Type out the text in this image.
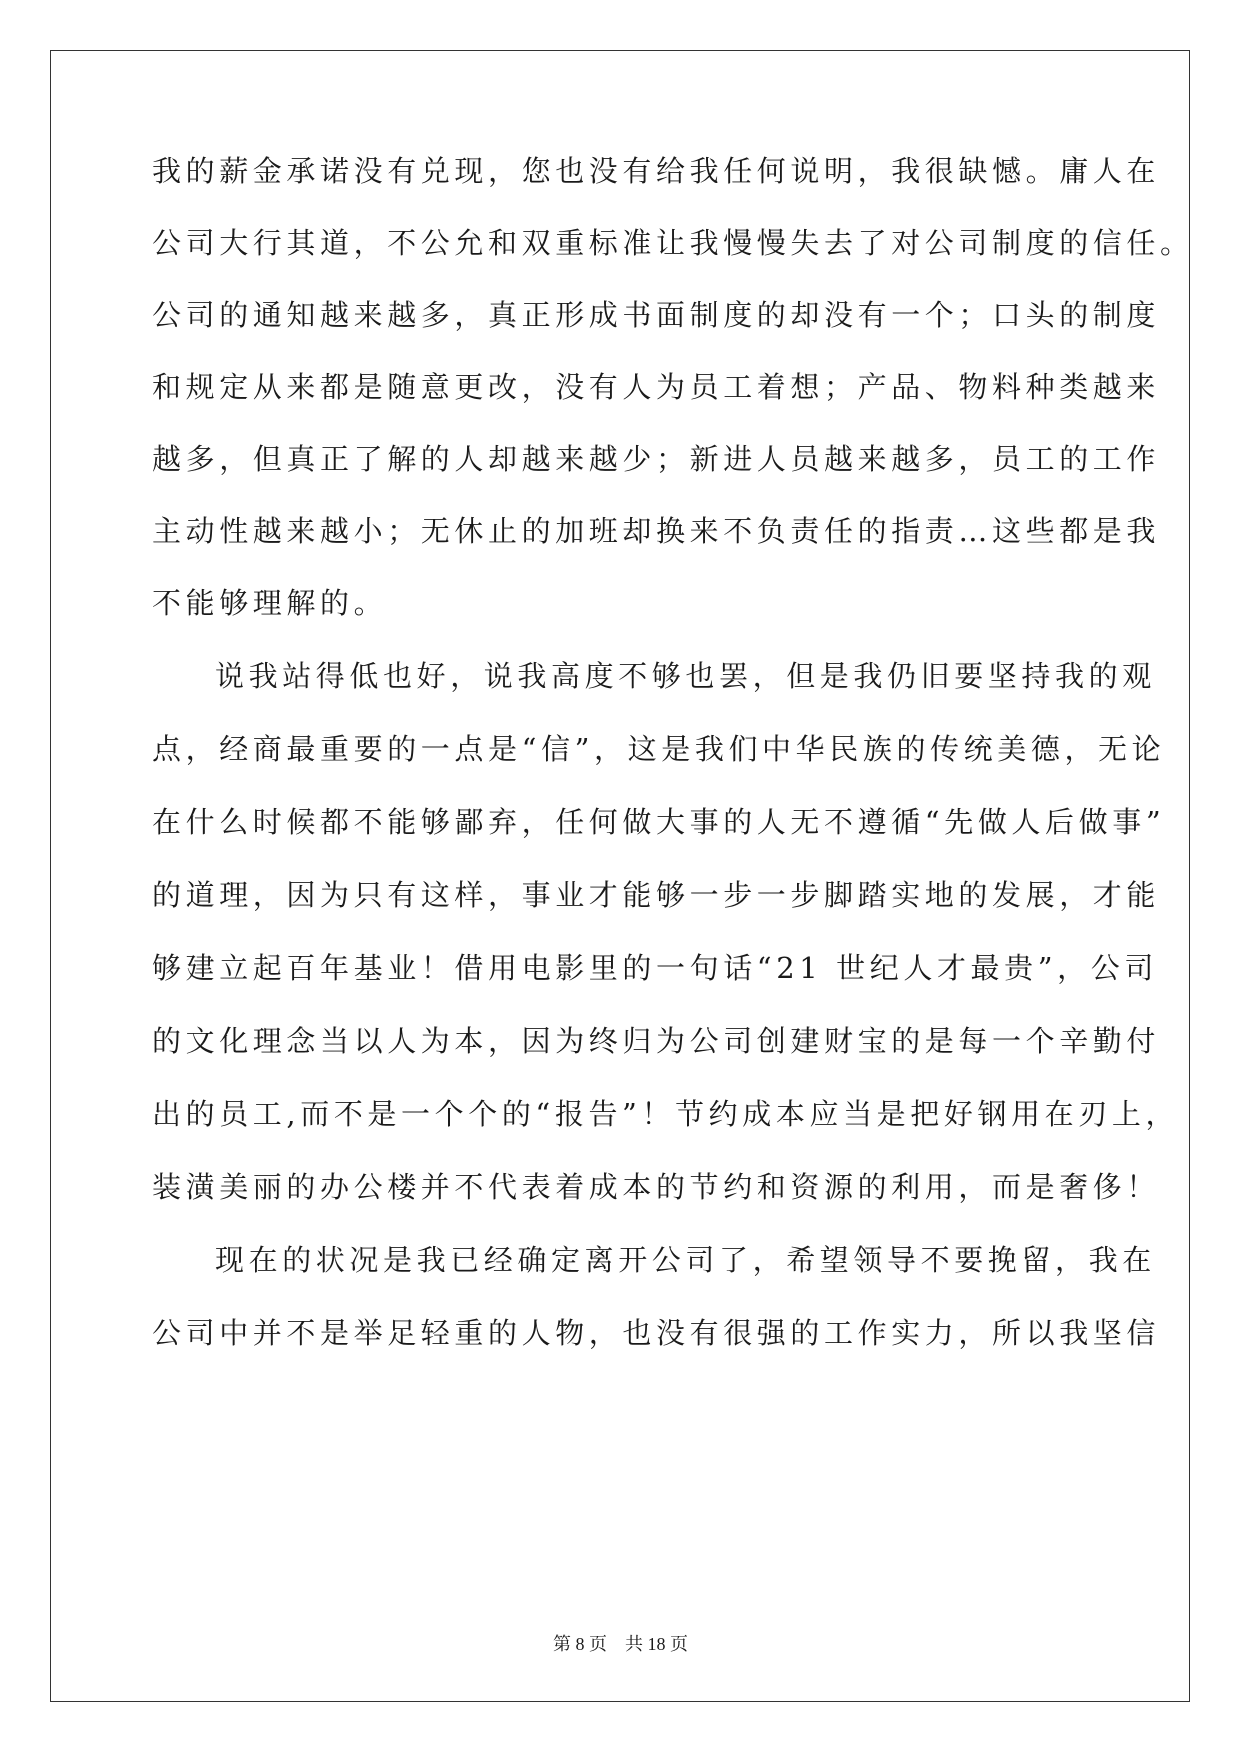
我的薪金承诺没有兑现，您也没有给我任何说明，我很缺憾。庸人在
公司大行其道，不公允和双重标准让我慢慢失去了对公司制度的信任。
公司的通知越来越多，真正形成书面制度的却没有一个；口头的制度
和规定从来都是随意更改，没有人为员工着想；产品、物料种类越来
越多，但真正了解的人却越来越少；新进人员越来越多，员工的工作
主动性越来越小；无休止的加班却换来不负责任的指责…这些都是我
不能够理解的。
说我站得低也好，说我高度不够也罢，但是我仍旧要坚持我的观
点，经商最重要的一点是“信”，这是我们中华民族的传统美德，无论
在什么时候都不能够鄙弃，任何做大事的人无不遵循“先做人后做事”
的道理，因为只有这样，事业才能够一步一步脚踏实地的发展，才能
够建立起百年基业！借用电影里的一句话“21 世纪人才最贵”，公司
的文化理念当以人为本，因为终归为公司创建财宝的是每一个辛勤付
出的员工,而不是一个个的“报告”！节约成本应当是把好钢用在刃上，
装潢美丽的办公楼并不代表着成本的节约和资源的利用，而是奢侈！
现在的状况是我已经确定离开公司了，希望领导不要挽留，我在
公司中并不是举足轻重的人物，也没有很强的工作实力，所以我坚信
第 8 页 共 18 页
